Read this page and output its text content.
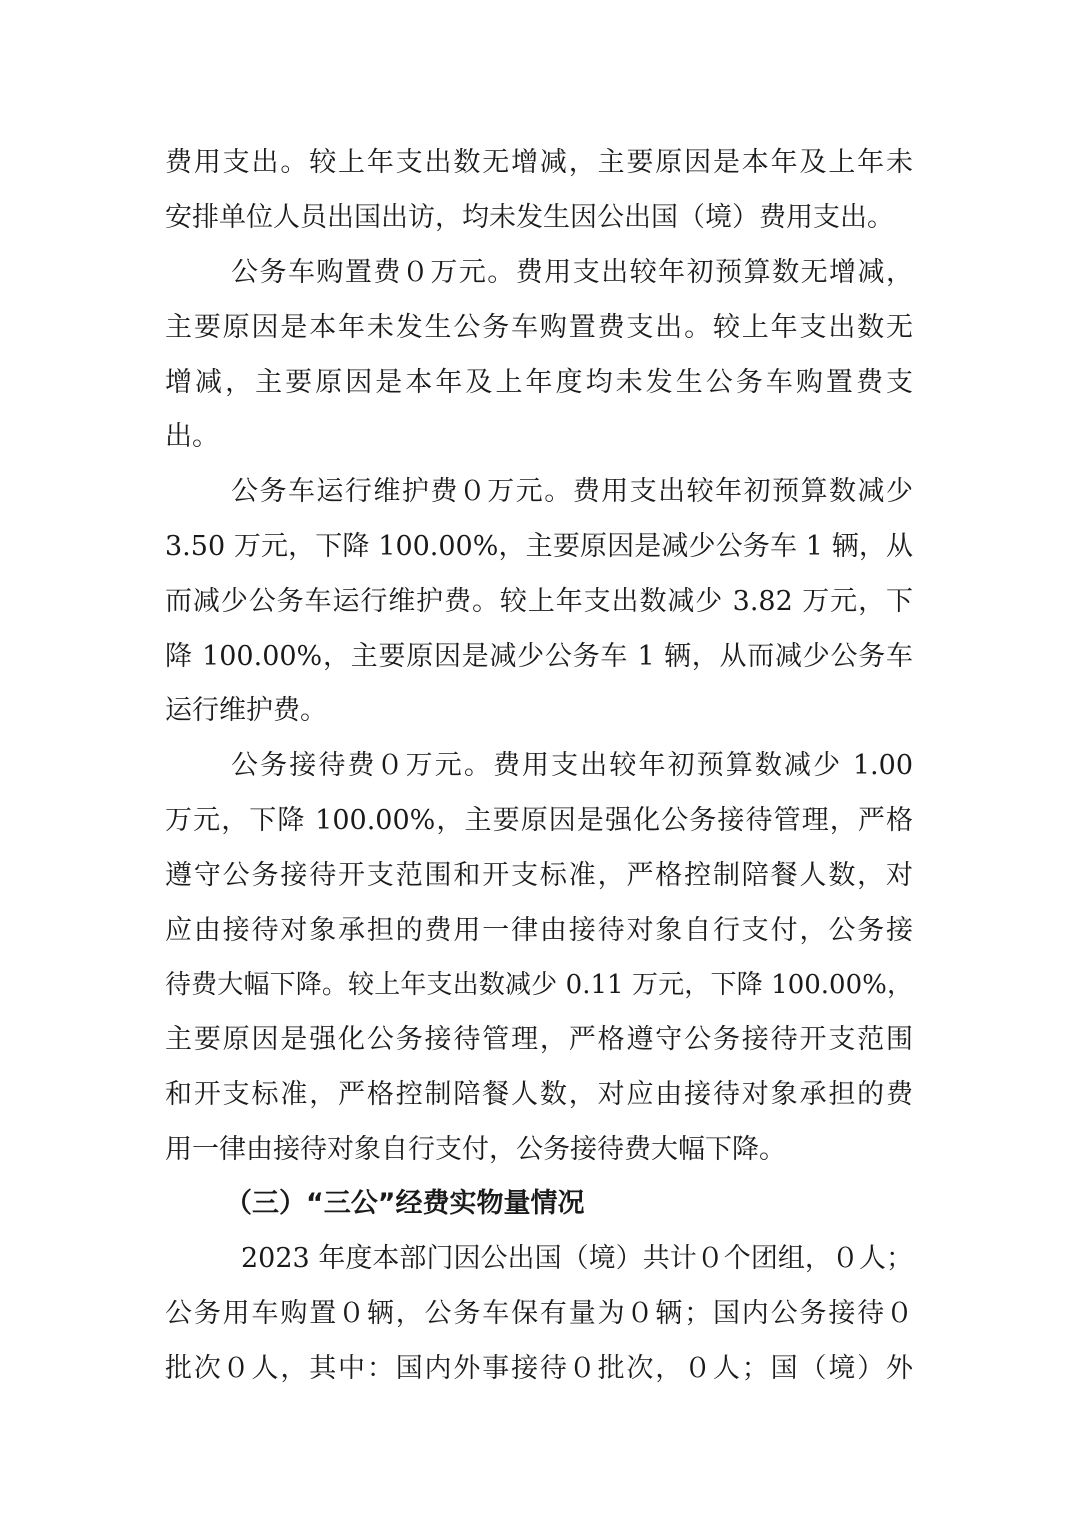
费用支出。较上年支出数无增减，主要原因是本年及上年未
安排单位人员出国出访，均未发生因公出国（境）费用支出。
公务车购置费０万元。费用支出较年初预算数无增减，
主要原因是本年未发生公务车购置费支出。较上年支出数无
增减，主要原因是本年及上年度均未发生公务车购置费支
出。
公务车运行维护费０万元。费用支出较年初预算数减少
3.50 万元，下降 100.00%，主要原因是减少公务车 1 辆，从
而减少公务车运行维护费。较上年支出数减少 3.82 万元，下
降 100.00%，主要原因是减少公务车 1 辆，从而减少公务车
运行维护费。
公务接待费０万元。费用支出较年初预算数减少 1.00
万元，下降 100.00%，主要原因是强化公务接待管理，严格
遵守公务接待开支范围和开支标准，严格控制陪餐人数，对
应由接待对象承担的费用一律由接待对象自行支付，公务接
待费大幅下降。较上年支出数减少 0.11 万元，下降 100.00%，
主要原因是强化公务接待管理，严格遵守公务接待开支范围
和开支标准，严格控制陪餐人数，对应由接待对象承担的费
用一律由接待对象自行支付，公务接待费大幅下降。
（三）“三公”经费实物量情况
2023 年度本部门因公出国（境）共计０个团组，０人；
公务用车购置０辆，公务车保有量为０辆；国内公务接待０
批次０人，其中：国内外事接待０批次，０人；国（境）外
